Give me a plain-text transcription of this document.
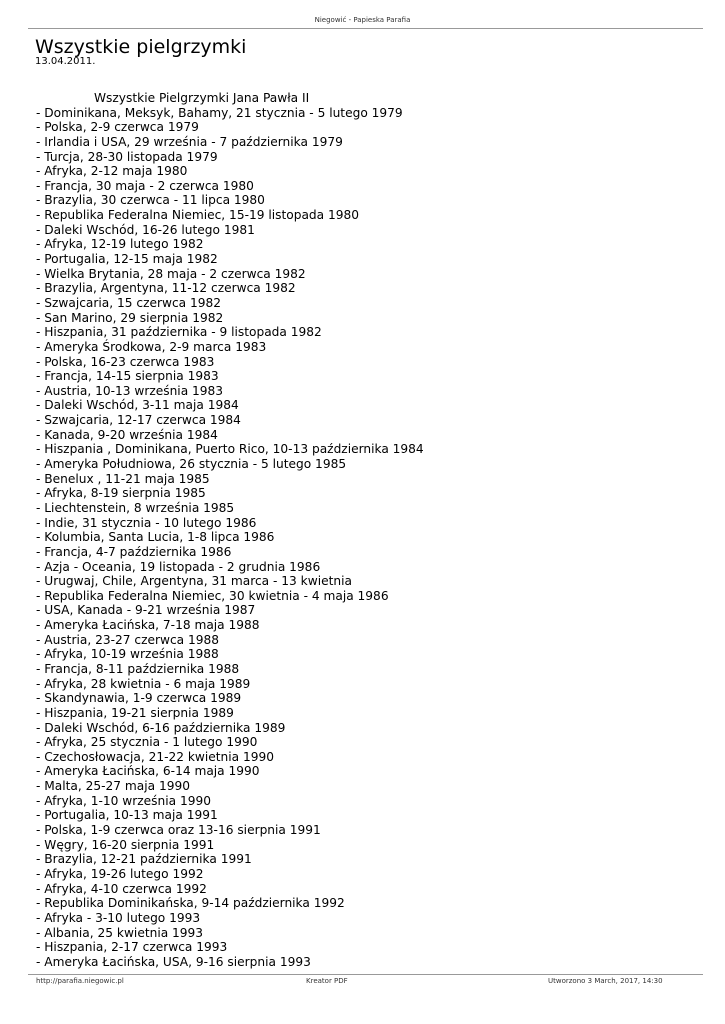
Niegowić - Papieska Parafia
Wszystkie pielgrzymki
13.04.2011.
Wszystkie Pielgrzymki Jana Pawła II
- Dominikana, Meksyk, Bahamy, 21 stycznia - 5 lutego 1979
- Polska, 2-9 czerwca 1979
- Irlandia i USA, 29 września - 7 października 1979
- Turcja, 28-30 listopada 1979
- Afryka, 2-12 maja 1980
- Francja, 30 maja - 2 czerwca 1980
- Brazylia, 30 czerwca - 11 lipca 1980
- Republika Federalna Niemiec, 15-19 listopada 1980
- Daleki Wschód, 16-26 lutego 1981
- Afryka, 12-19 lutego 1982
- Portugalia, 12-15 maja 1982
- Wielka Brytania, 28 maja - 2 czerwca 1982
- Brazylia, Argentyna, 11-12 czerwca 1982
- Szwajcaria, 15 czerwca 1982
- San Marino, 29 sierpnia 1982
- Hiszpania, 31 października - 9 listopada 1982
- Ameryka Środkowa, 2-9 marca 1983
- Polska, 16-23 czerwca 1983
- Francja, 14-15 sierpnia 1983
- Austria, 10-13 września 1983
- Daleki Wschód, 3-11 maja 1984
- Szwajcaria, 12-17 czerwca 1984
- Kanada, 9-20 września 1984
- Hiszpania , Dominikana, Puerto Rico, 10-13 października 1984
- Ameryka Południowa, 26 stycznia - 5 lutego 1985
- Benelux , 11-21 maja 1985
- Afryka, 8-19 sierpnia 1985
- Liechtenstein, 8 września 1985
- Indie, 31 stycznia - 10 lutego 1986
- Kolumbia, Santa Lucia, 1-8 lipca 1986
- Francja, 4-7 października 1986
- Azja - Oceania, 19 listopada - 2 grudnia 1986
- Urugwaj, Chile, Argentyna, 31 marca - 13 kwietnia
- Republika Federalna Niemiec, 30 kwietnia - 4 maja 1986
- USA, Kanada - 9-21 września 1987
- Ameryka Łacińska, 7-18 maja 1988
- Austria, 23-27 czerwca 1988
- Afryka, 10-19 września 1988
- Francja, 8-11 października 1988
- Afryka, 28 kwietnia - 6 maja 1989
- Skandynawia, 1-9 czerwca 1989
- Hiszpania, 19-21 sierpnia 1989
- Daleki Wschód, 6-16 października 1989
- Afryka, 25 stycznia - 1 lutego 1990
- Czechosłowacja, 21-22 kwietnia 1990
- Ameryka Łacińska, 6-14 maja 1990
- Malta, 25-27 maja 1990
- Afryka, 1-10 września 1990
- Portugalia, 10-13 maja 1991
- Polska, 1-9 czerwca oraz 13-16 sierpnia 1991
- Węgry, 16-20 sierpnia 1991
- Brazylia, 12-21 października 1991
- Afryka, 19-26 lutego 1992
- Afryka, 4-10 czerwca 1992
- Republika Dominikańska, 9-14 października 1992
- Afryka - 3-10 lutego 1993
- Albania, 25 kwietnia 1993
- Hiszpania, 2-17 czerwca 1993
- Ameryka Łacińska, USA, 9-16 sierpnia 1993
http://parafia.niegowic.pl	Kreator PDF	Utworzono 3 March, 2017, 14:30
